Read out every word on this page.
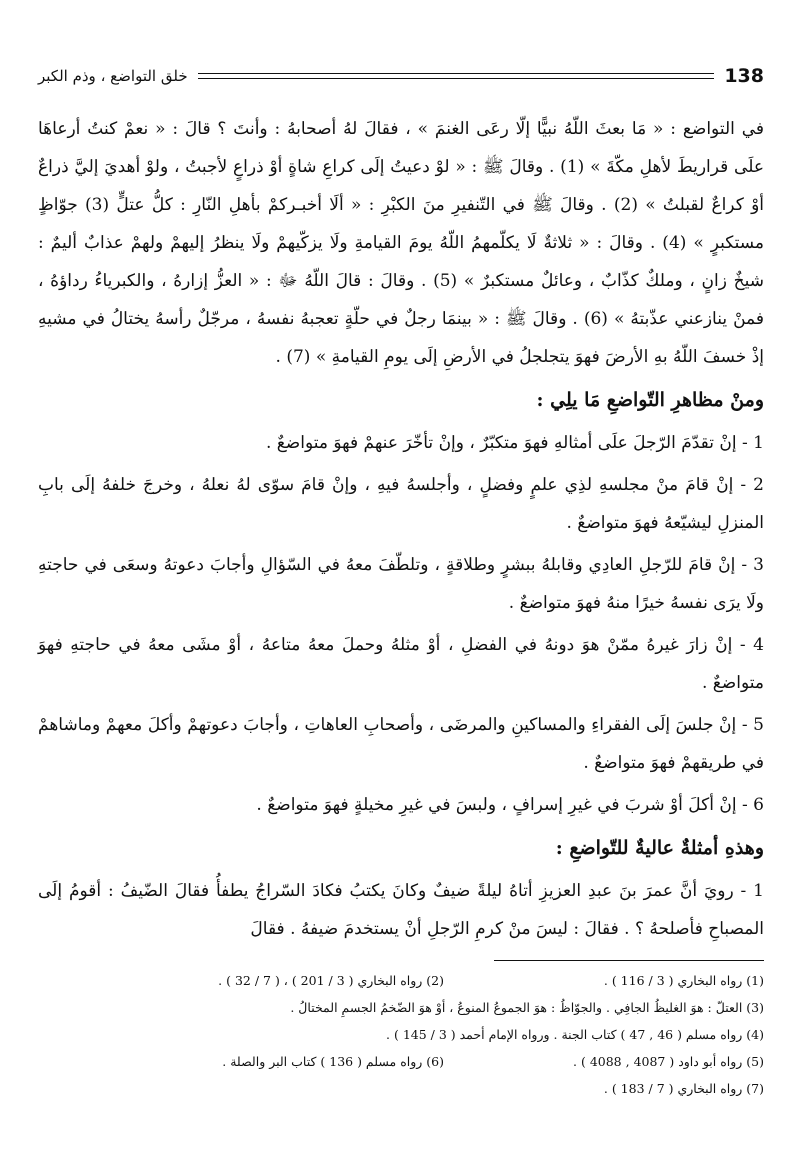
138
خلق التواضع ، وذم الكبر

في التواضع : « مَا بعثَ اللّهُ نبيًّا إلّا رعَى الغنمَ » ، فقالَ لهُ أصحابهُ : وأنتَ ؟ قالَ : « نعمْ كنتُ أرعاهَا علَى قراريطَ لأهلِ مكّةَ » (1) . وقالَ ﷺ : « لوْ دعيتُ إلَى كراعِ شاةٍ أوْ ذراعٍ لأجبتُ ، ولوْ أهديَ إليَّ ذراعٌ أوْ كراعٌ لقبلتُ » (2) . وقالَ ﷺ في التّنفيرِ منَ الكبْرِ : « ألَا أخبـركمْ بأهلِ النّارِ : كلُّ عتلٍّ (3) جوّاظٍ مستكبرٍ » (4) . وقالَ : « ثلاثةٌ لَا يكلّمهمُ اللّهُ يومَ القيامةِ ولَا يزكّيهمْ ولَا ينظرُ إليهمْ ولهمْ عذابٌ أليمٌ : شيخٌ زانٍ ، وملكٌ كذّابٌ ، وعائلٌ مستكبرٌ » (5) . وقالَ : قالَ اللّهُ ﷻ : « العزُّ إزارهُ ، والكبرياءُ رداؤهُ ، فمنْ ينازعني عذّبتهُ » (6) . وقالَ ﷺ : « بينمَا رجلٌ في حلّةٍ تعجبهُ نفسهُ ، مرجّلٌ رأسهُ يختالُ في مشيهِ إذْ خسفَ اللّهُ بهِ الأرضَ فهوَ يتجلجلُ في الأرضِ إلَى يومِ القيامةِ » (7) .

ومنْ مظاهرِ التّواضعِ مَا يلِي :

1 - إنْ تقدّمَ الرّجلَ علَى أمثالهِ فهوَ متكبّرٌ ، وإنْ تأخّرَ عنهمْ فهوَ متواضعٌ .

2 - إنْ قامَ منْ مجلسهِ لذِي علمٍ وفضلٍ ، وأجلسهُ فيهِ ، وإنْ قامَ سوّى لهُ نعلهُ ، وخرجَ خلفهُ إلَى بابِ المنزلِ ليشيّعهُ فهوَ متواضعٌ .

3 - إنْ قامَ للرّجلِ العادِي وقابلهُ ببشرٍ وطلاقةٍ ، وتلطّفَ معهُ في السّؤالِ وأجابَ دعوتهُ وسعَى في حاجتهِ ولَا يرَى نفسهُ خيرًا منهُ فهوَ متواضعٌ .

4 - إنْ زارَ غيرهُ ممّنْ هوَ دونهُ في الفضلِ ، أوْ مثلهُ وحملَ معهُ متاعهُ ، أوْ مشَى معهُ في حاجتهِ فهوَ متواضعٌ .

5 - إنْ جلسَ إلَى الفقراءِ والمساكينِ والمرضَى ، وأصحابِ العاهاتِ ، وأجابَ دعوتهمْ وأكلَ معهمْ وماشاهمْ في طريقهمْ فهوَ متواضعٌ .

6 - إنْ أكلَ أوْ شربَ في غيرِ إسرافٍ ، ولبسَ في غيرِ مخيلةٍ فهوَ متواضعٌ .

وهذهِ أمثلةٌ عاليةٌ للتّواضعِ :

1 - رويَ أنَّ عمرَ بنَ عبدِ العزيزِ أتاهُ ليلةً ضيفٌ وكانَ يكتبُ فكادَ السّراجُ يطفأُ فقالَ الضّيفُ : أقومُ إلَى المصباحِ فأصلحهُ ؟ . فقالَ : ليسَ منْ كرمِ الرّجلِ أنْ يستخدمَ ضيفهُ . فقالَ

(1) رواه البخاري ( 3 / 116 ) .
(2) رواه البخاري ( 3 / 201 ) ، ( 7 / 32 ) .
(3) العتلّ : هوَ الغليظُ الجافِي . والجوّاظُ : هوَ الجموعُ المنوعُ ، أوْ هوَ الضّخمُ الجسمِ المختالُ .
(4) رواه مسلم ( 46 , 47 ) كتاب الجنة . ورواه الإمام أحمد ( 3 / 145 ) .
(5) رواه أبو داود ( 4087 , 4088 ) .
(6) رواه مسلم ( 136 ) كتاب البر والصلة .
(7) رواه البخاري ( 7 / 183 ) .
